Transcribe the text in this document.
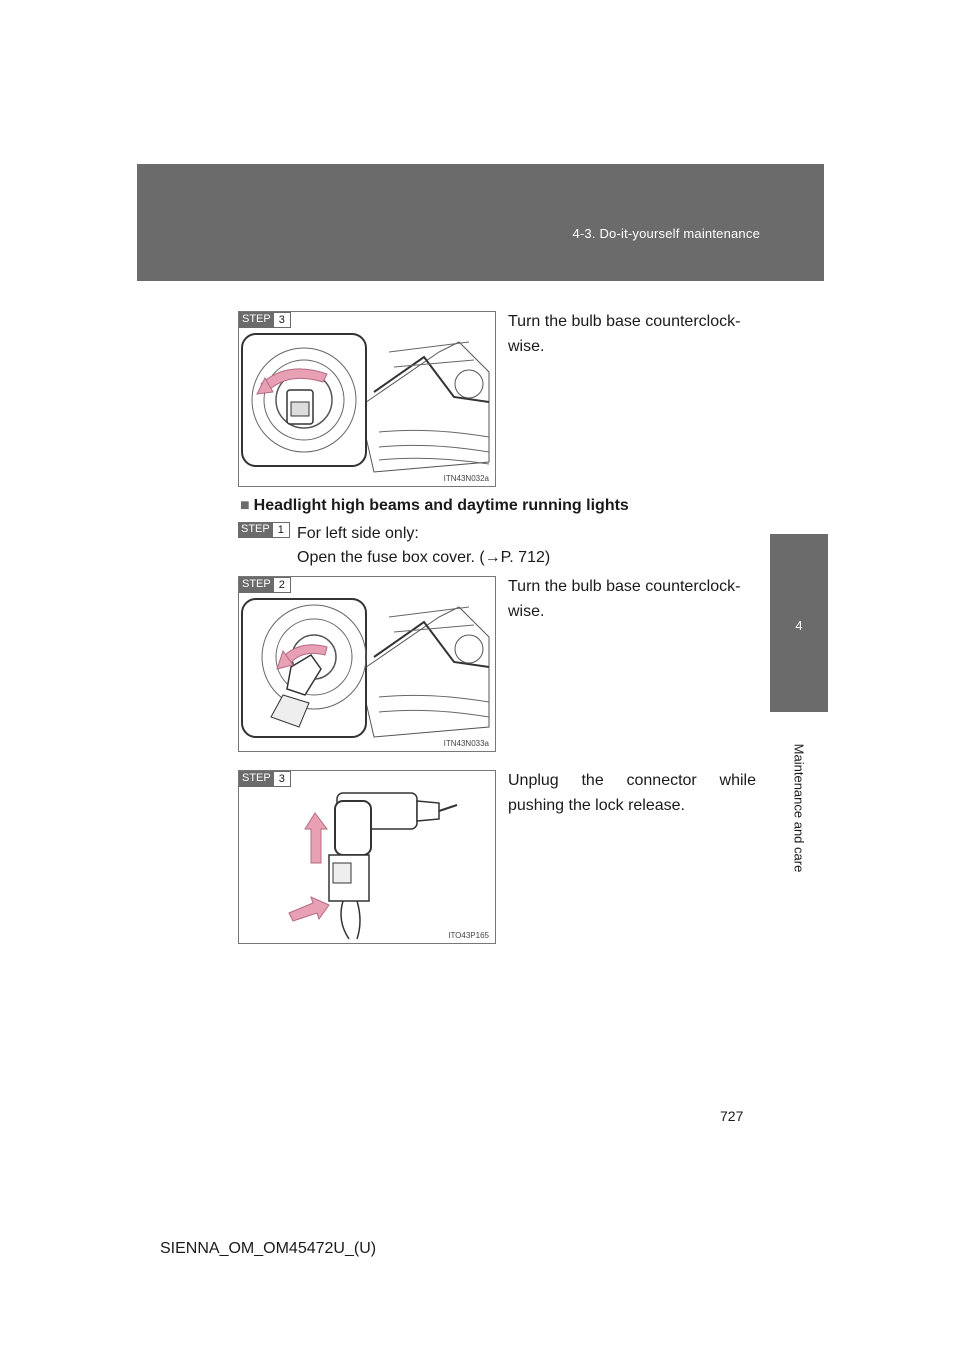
4-3. Do-it-yourself maintenance
4
Maintenance and care
STEP 3
ITN43N032a
Turn the bulb base counterclock-wise.
■ Headlight high beams and daytime running lights
STEP 1 For left side only:
Open the fuse box cover. (→P. 712)
STEP 2
ITN43N033a
Turn the bulb base counterclock-wise.
STEP 3
ITO43P165
Unplug the connector while
pushing the lock release.
727
SIENNA_OM_OM45472U_(U)
